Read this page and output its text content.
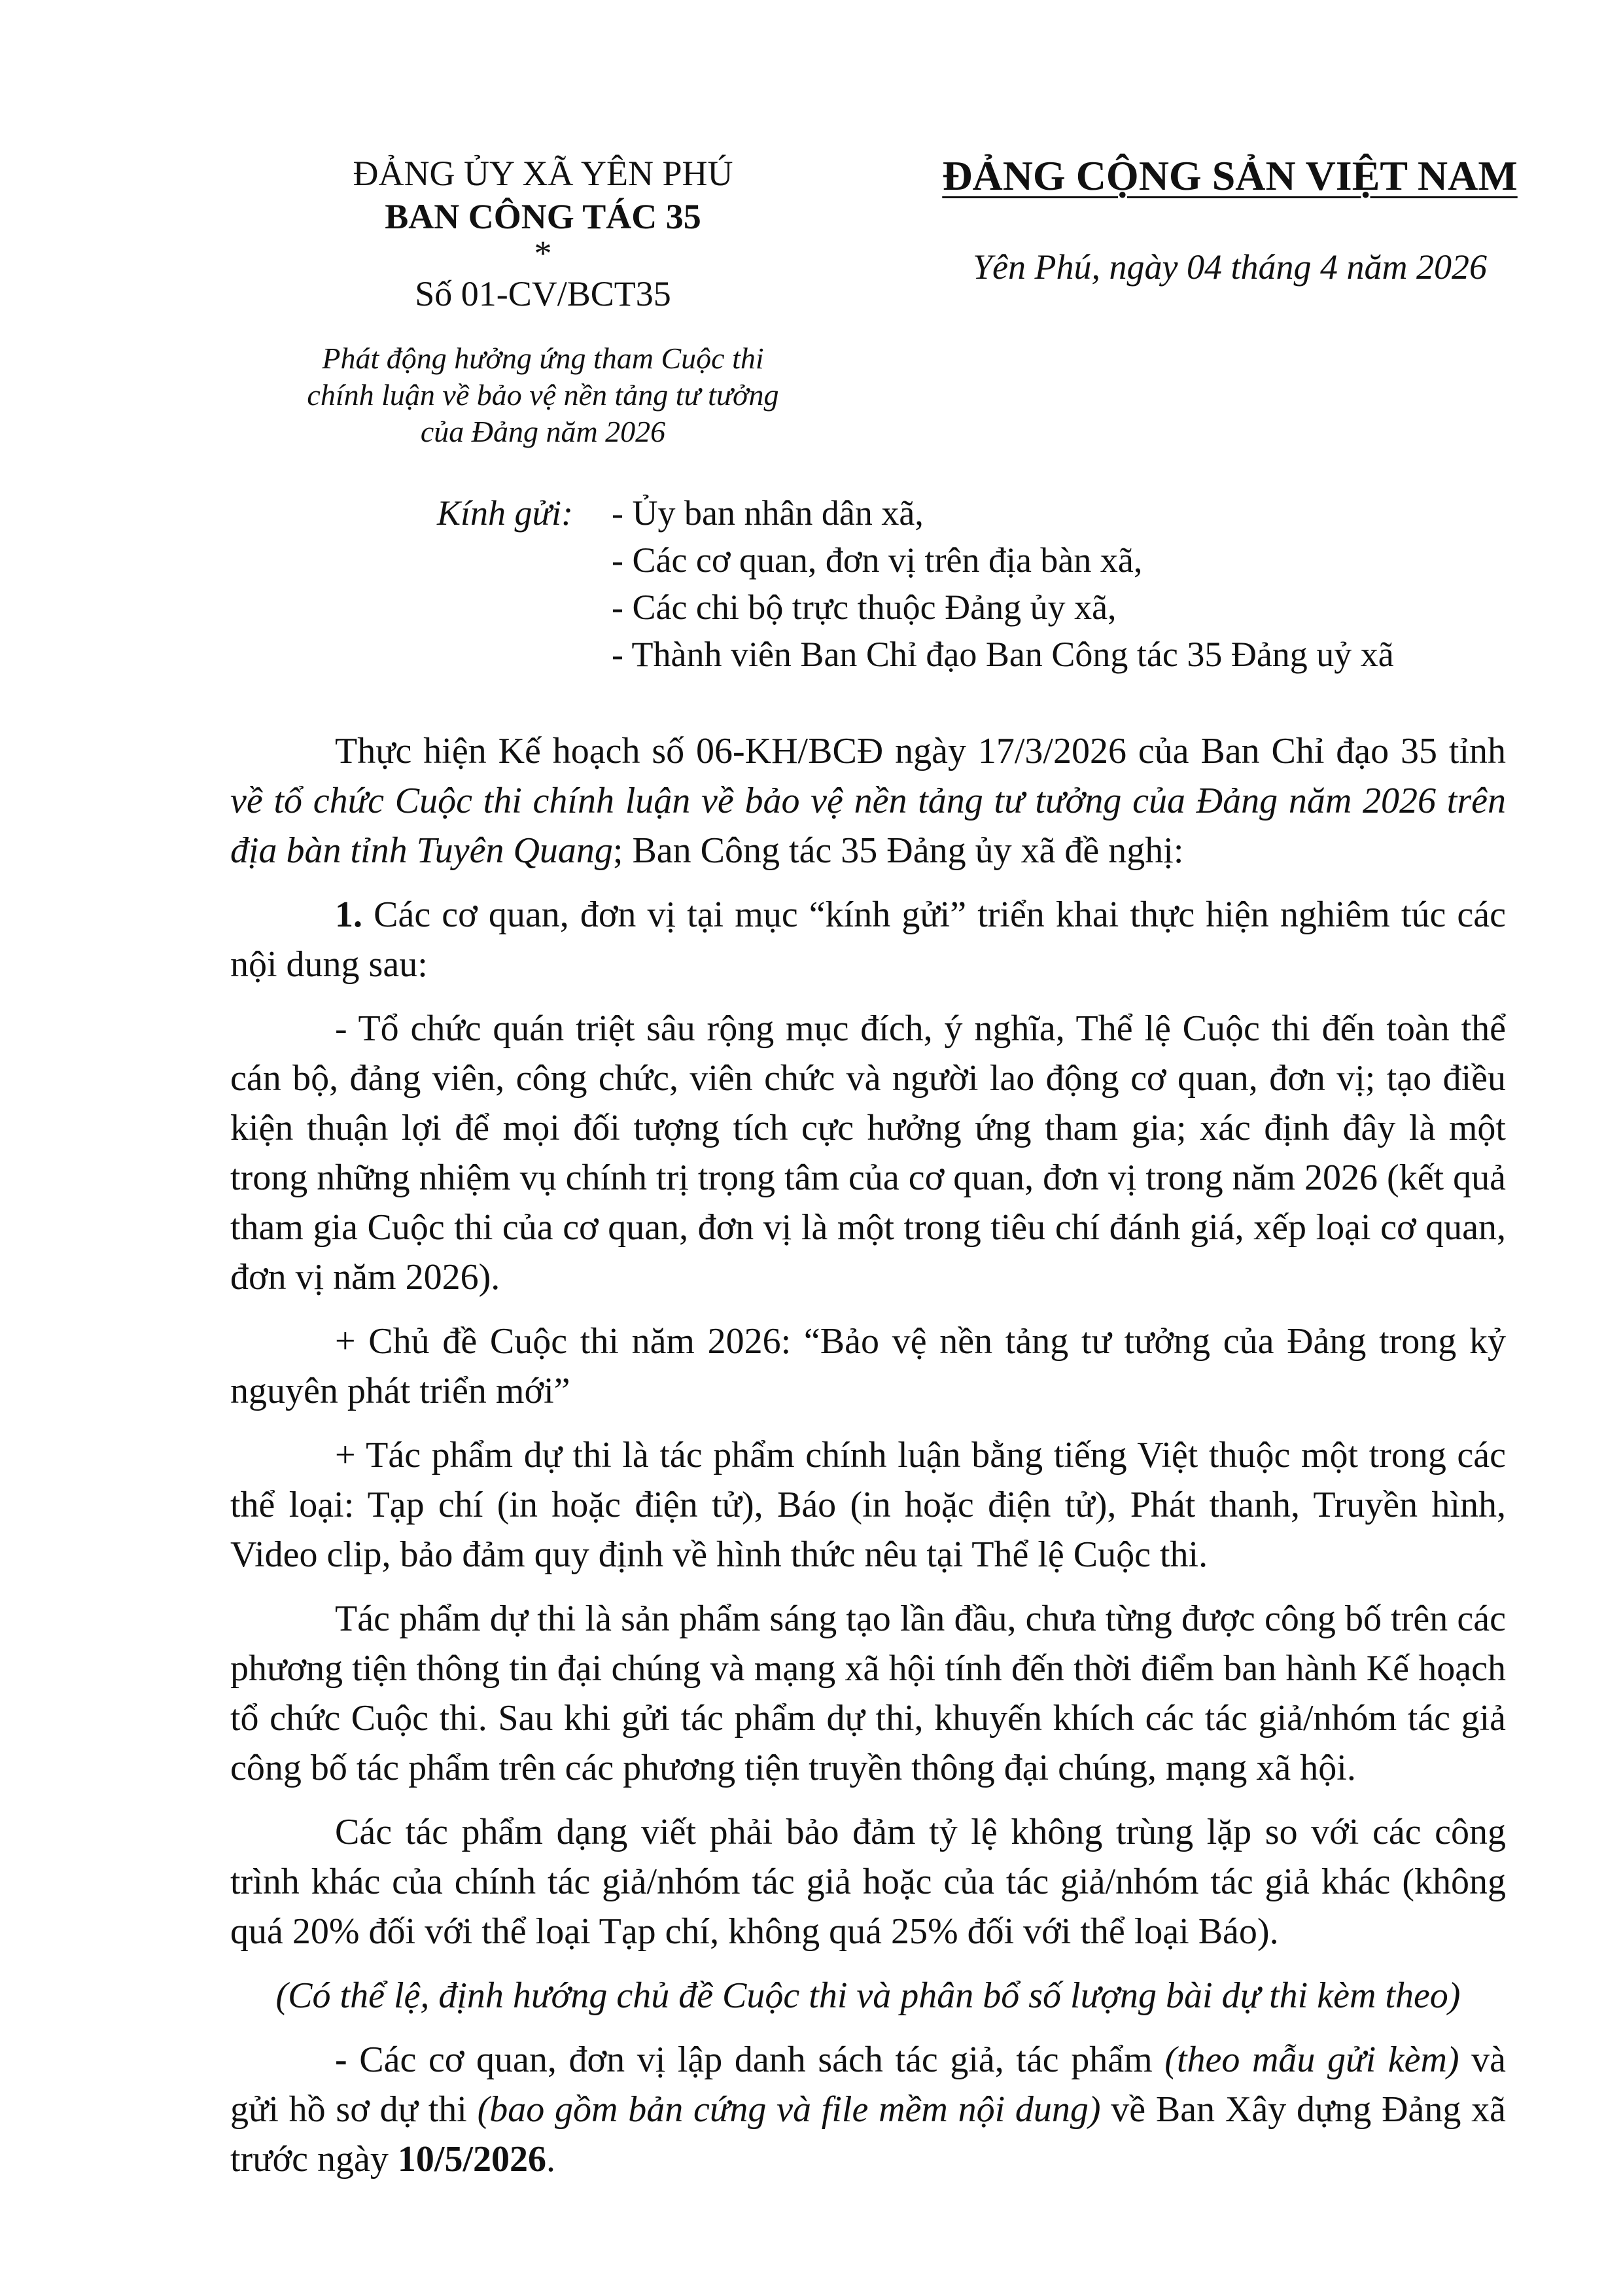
ĐẢNG ỦY XÃ YÊN PHÚ
BAN CÔNG TÁC 35
*
Số 01-CV/BCT35
Phát động hưởng ứng tham Cuộc thi
chính luận về bảo vệ nền tảng tư tưởng
của Đảng năm 2026
ĐẢNG CỘNG SẢN VIỆT NAM
Yên Phú, ngày 04 tháng 4 năm 2026
Kính gửi: - Ủy ban nhân dân xã,
- Các cơ quan, đơn vị trên địa bàn xã,
- Các chi bộ trực thuộc Đảng ủy xã,
- Thành viên Ban Chỉ đạo Ban Công tác 35 Đảng uỷ xã

Thực hiện Kế hoạch số 06-KH/BCĐ ngày 17/3/2026 của Ban Chỉ đạo 35 tỉnh về tổ chức Cuộc thi chính luận về bảo vệ nền tảng tư tưởng của Đảng năm 2026 trên địa bàn tỉnh Tuyên Quang; Ban Công tác 35 Đảng ủy xã đề nghị:

1. Các cơ quan, đơn vị tại mục “kính gửi” triển khai thực hiện nghiêm túc các nội dung sau:

- Tổ chức quán triệt sâu rộng mục đích, ý nghĩa, Thể lệ Cuộc thi đến toàn thể cán bộ, đảng viên, công chức, viên chức và người lao động cơ quan, đơn vị; tạo điều kiện thuận lợi để mọi đối tượng tích cực hưởng ứng tham gia; xác định đây là một trong những nhiệm vụ chính trị trọng tâm của cơ quan, đơn vị trong năm 2026 (kết quả tham gia Cuộc thi của cơ quan, đơn vị là một trong tiêu chí đánh giá, xếp loại cơ quan, đơn vị năm 2026).

+ Chủ đề Cuộc thi năm 2026: “Bảo vệ nền tảng tư tưởng của Đảng trong kỷ nguyên phát triển mới”

+ Tác phẩm dự thi là tác phẩm chính luận bằng tiếng Việt thuộc một trong các thể loại: Tạp chí (in hoặc điện tử), Báo (in hoặc điện tử), Phát thanh, Truyền hình, Video clip, bảo đảm quy định về hình thức nêu tại Thể lệ Cuộc thi.

Tác phẩm dự thi là sản phẩm sáng tạo lần đầu, chưa từng được công bố trên các phương tiện thông tin đại chúng và mạng xã hội tính đến thời điểm ban hành Kế hoạch tổ chức Cuộc thi. Sau khi gửi tác phẩm dự thi, khuyến khích các tác giả/nhóm tác giả công bố tác phẩm trên các phương tiện truyền thông đại chúng, mạng xã hội.

Các tác phẩm dạng viết phải bảo đảm tỷ lệ không trùng lặp so với các công trình khác của chính tác giả/nhóm tác giả hoặc của tác giả/nhóm tác giả khác (không quá 20% đối với thể loại Tạp chí, không quá 25% đối với thể loại Báo).

(Có thể lệ, định hướng chủ đề Cuộc thi và phân bổ số lượng bài dự thi kèm theo)

- Các cơ quan, đơn vị lập danh sách tác giả, tác phẩm (theo mẫu gửi kèm) và gửi hồ sơ dự thi (bao gồm bản cứng và file mềm nội dung) về Ban Xây dựng Đảng xã trước ngày 10/5/2026.
